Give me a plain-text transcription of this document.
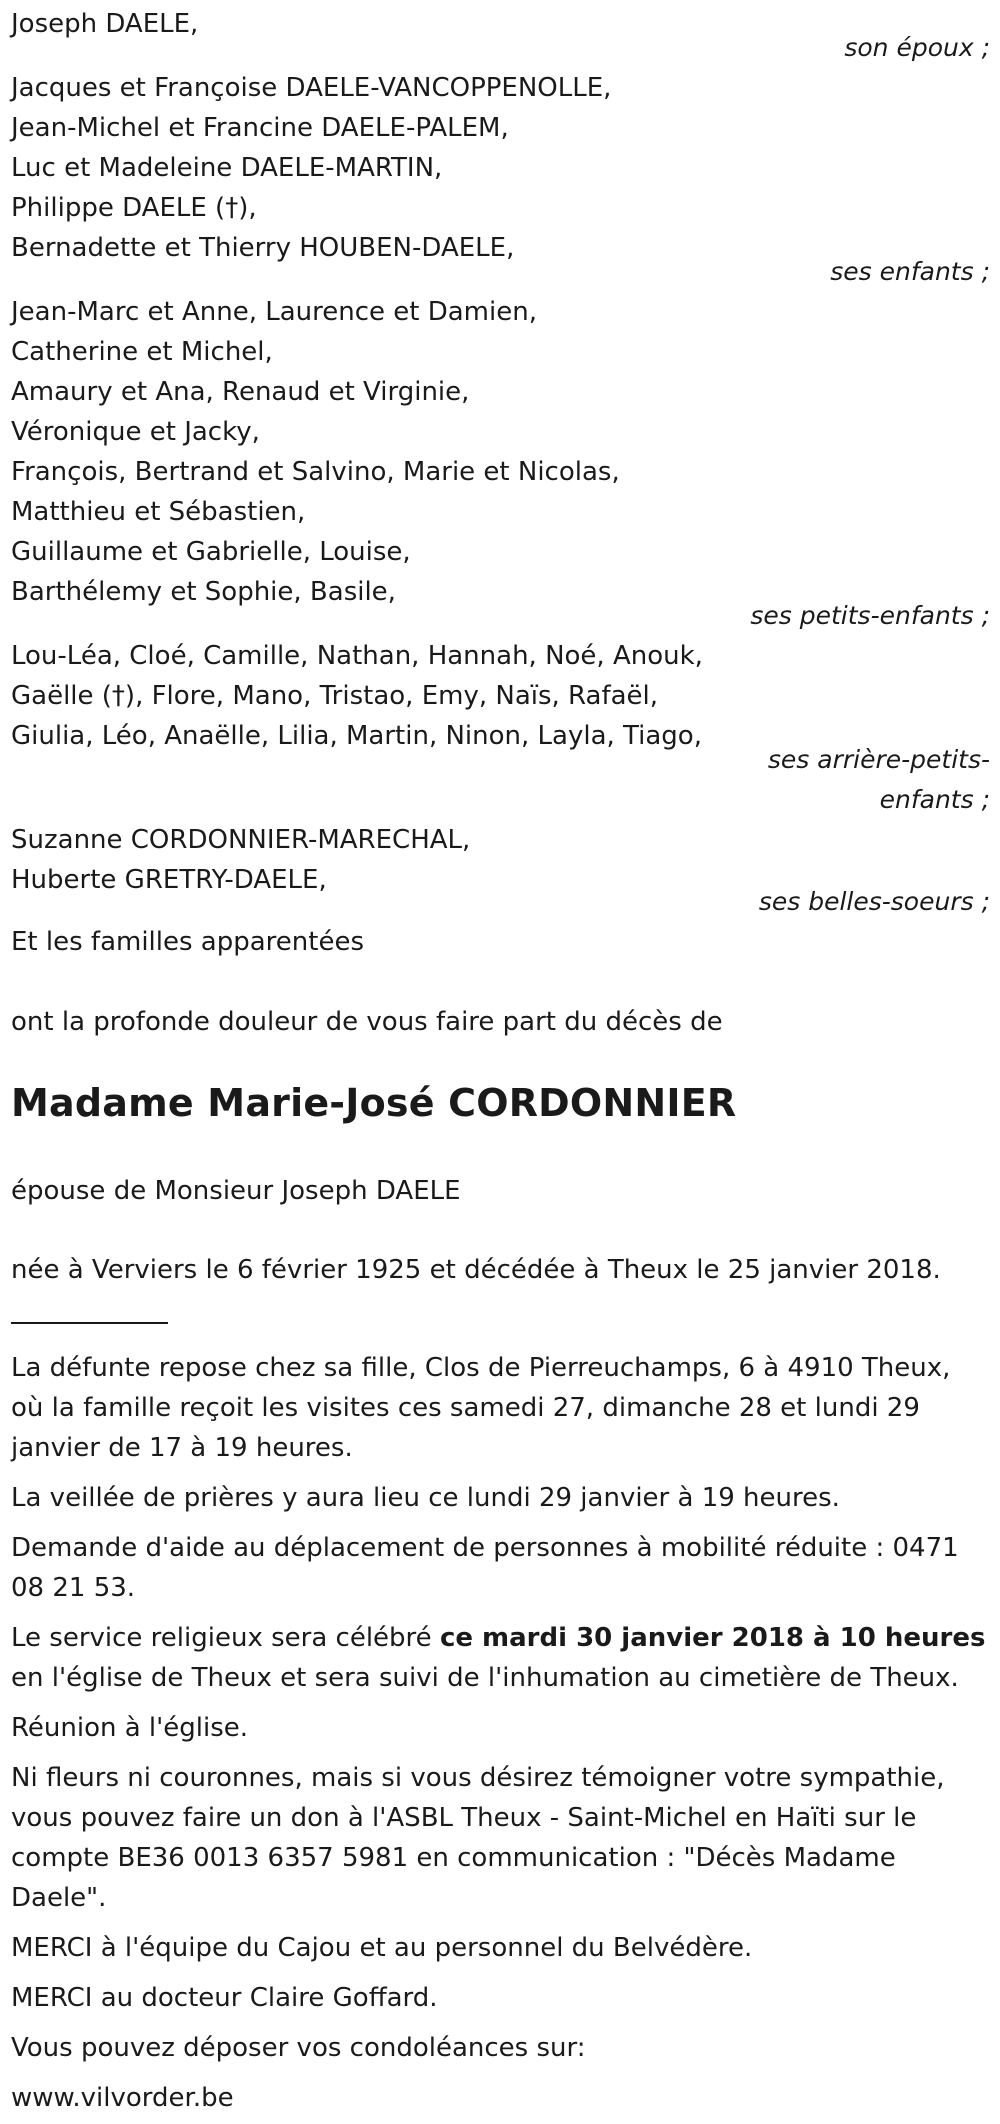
Joseph DAELE,
son époux ;
Jacques et Françoise DAELE-VANCOPPENOLLE,
Jean-Michel et Francine DAELE-PALEM,
Luc et Madeleine DAELE-MARTIN,
Philippe DAELE (†),
Bernadette et Thierry HOUBEN-DAELE,
ses enfants ;
Jean-Marc et Anne, Laurence et Damien,
Catherine et Michel,
Amaury et Ana, Renaud et Virginie,
Véronique et Jacky,
François, Bertrand et Salvino, Marie et Nicolas,
Matthieu et Sébastien,
Guillaume et Gabrielle, Louise,
Barthélemy et Sophie, Basile,
ses petits-enfants ;
Lou-Léa, Cloé, Camille, Nathan, Hannah, Noé, Anouk,
Gaëlle (†), Flore, Mano, Tristao, Emy, Naïs, Rafaël,
Giulia, Léo, Anaëlle, Lilia, Martin, Ninon, Layla, Tiago,
ses arrière-petits-
enfants ;
Suzanne CORDONNIER-MARECHAL,
Huberte GRETRY-DAELE,
ses belles-soeurs ;
Et les familles apparentées
ont la profonde douleur de vous faire part du décès de
Madame Marie-José CORDONNIER
épouse de Monsieur Joseph DAELE
née à Verviers le 6 février 1925 et décédée à Theux le 25 janvier 2018.
La défunte repose chez sa fille, Clos de Pierreuchamps, 6 à 4910 Theux, où la famille reçoit les visites ces samedi 27, dimanche 28 et lundi 29 janvier de 17 à 19 heures.
La veillée de prières y aura lieu ce lundi 29 janvier à 19 heures.
Demande d'aide au déplacement de personnes à mobilité réduite : 0471 08 21 53.
Le service religieux sera célébré ce mardi 30 janvier 2018 à 10 heures en l'église de Theux et sera suivi de l'inhumation au cimetière de Theux.
Réunion à l'église.
Ni fleurs ni couronnes, mais si vous désirez témoigner votre sympathie, vous pouvez faire un don à l'ASBL Theux - Saint-Michel en Haïti sur le compte BE36 0013 6357 5981 en communication : "Décès Madame Daele".
MERCI à l'équipe du Cajou et au personnel du Belvédère.
MERCI au docteur Claire Goffard.
Vous pouvez déposer vos condoléances sur:
www.vilvorder.be
